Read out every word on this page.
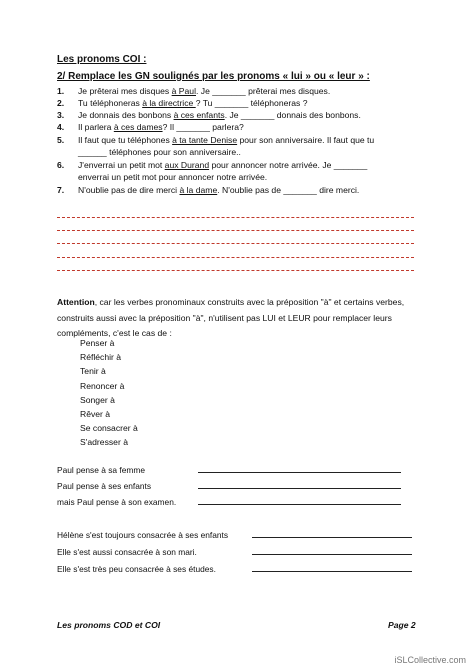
Les pronoms COI :
2/ Remplace les GN soulignés par les pronoms « lui » ou « leur » :
1. Je prêterai mes disques à Paul. Je _______ prêterai mes disques.
2. Tu téléphoneras à la directrice ? Tu _______ téléphoneras ?
3. Je donnais des bonbons à ces enfants. Je _______ donnais des bonbons.
4. Il parlera à ces dames? Il _______ parlera?
5. Il faut que tu téléphones à ta tante Denise pour son anniversaire. Il faut que tu
______ téléphones pour son anniversaire..
6. J'enverrai un petit mot aux Durand pour annoncer notre arrivée. Je _______
enverrai un petit mot pour annoncer notre arrivée.
7. N'oublie pas de dire merci à la dame. N'oublie pas de _______ dire merci.
Attention, car les verbes pronominaux construits avec la préposition "à" et certains verbes, construits aussi avec la préposition "à", n'utilisent pas LUI et LEUR pour remplacer leurs compléments, c'est le cas de :
Penser à
Réfléchir à
Tenir à
Renoncer à
Songer à
Rêver à
Se consacrer à
S'adresser à
Paul pense à sa femme
Paul pense à ses enfants
mais Paul pense à son examen.
Hélène s'est toujours consacrée à ses enfants
Elle s'est aussi consacrée à son mari.
Elle s'est très peu consacrée à ses études.
Les pronoms COD et COI	Page 2
iSLCollective.com
